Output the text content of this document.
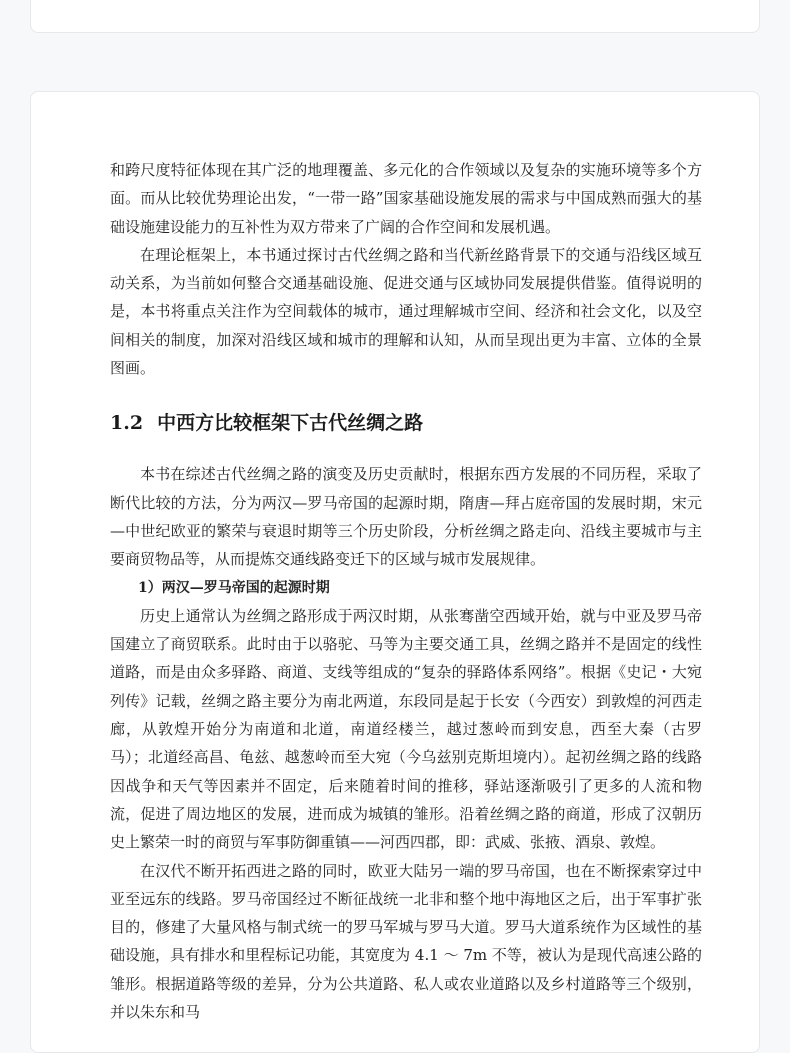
和跨尺度特征体现在其广泛的地理覆盖、多元化的合作领域以及复杂的实施环境等多个方面。而从比较优势理论出发，“一带一路”国家基础设施发展的需求与中国成熟而强大的基础设施建设能力的互补性为双方带来了广阔的合作空间和发展机遇。

在理论框架上，本书通过探讨古代丝绸之路和当代新丝路背景下的交通与沿线区域互动关系，为当前如何整合交通基础设施、促进交通与区域协同发展提供借鉴。值得说明的是，本书将重点关注作为空间载体的城市，通过理解城市空间、经济和社会文化，以及空间相关的制度，加深对沿线区域和城市的理解和认知，从而呈现出更为丰富、立体的全景图画。

1.2 中西方比较框架下古代丝绸之路

本书在综述古代丝绸之路的演变及历史贡献时，根据东西方发展的不同历程，采取了断代比较的方法，分为两汉—罗马帝国的起源时期，隋唐—拜占庭帝国的发展时期，宋元—中世纪欧亚的繁荣与衰退时期等三个历史阶段，分析丝绸之路走向、沿线主要城市与主要商贸物品等，从而提炼交通线路变迁下的区域与城市发展规律。

1）两汉—罗马帝国的起源时期

历史上通常认为丝绸之路形成于两汉时期，从张骞凿空西域开始，就与中亚及罗马帝国建立了商贸联系。此时由于以骆驼、马等为主要交通工具，丝绸之路并不是固定的线性道路，而是由众多驿路、商道、支线等组成的“复杂的驿路体系网络”。根据《史记・大宛列传》记载，丝绸之路主要分为南北两道，东段同是起于长安（今西安）到敦煌的河西走廊，从敦煌开始分为南道和北道，南道经楼兰，越过葱岭而到安息，西至大秦（古罗马）；北道经高昌、龟兹、越葱岭而至大宛（今乌兹别克斯坦境内）。起初丝绸之路的线路因战争和天气等因素并不固定，后来随着时间的推移，驿站逐渐吸引了更多的人流和物流，促进了周边地区的发展，进而成为城镇的雏形。沿着丝绸之路的商道，形成了汉朝历史上繁荣一时的商贸与军事防御重镇——河西四郡，即：武威、张掖、酒泉、敦煌。

在汉代不断开拓西进之路的同时，欧亚大陆另一端的罗马帝国，也在不断探索穿过中亚至远东的线路。罗马帝国经过不断征战统一北非和整个地中海地区之后，出于军事扩张目的，修建了大量风格与制式统一的罗马军城与罗马大道。罗马大道系统作为区域性的基础设施，具有排水和里程标记功能，其宽度为 4.1 ～ 7m 不等，被认为是现代高速公路的雏形。根据道路等级的差异，分为公共道路、私人或农业道路以及乡村道路等三个级别，并以朱东和马
